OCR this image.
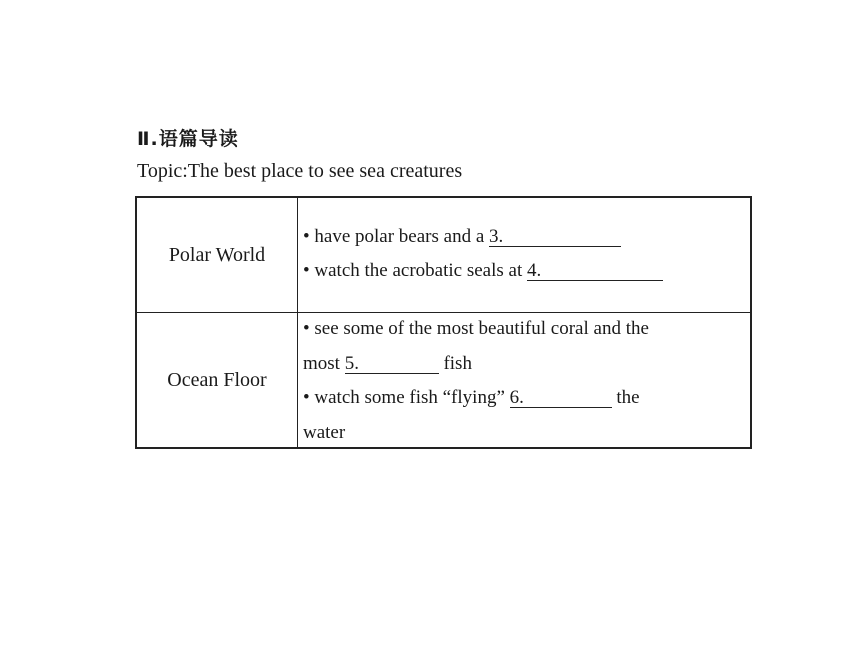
Ⅱ.语篇导读
Topic:The best place to see sea creatures
Polar World
• have polar bears and a 3.
• watch the acrobatic seals at 4.
Ocean Floor
• see some of the most beautiful coral and the
most 5.	fish
• watch some fish “flying” 6.	the
water
